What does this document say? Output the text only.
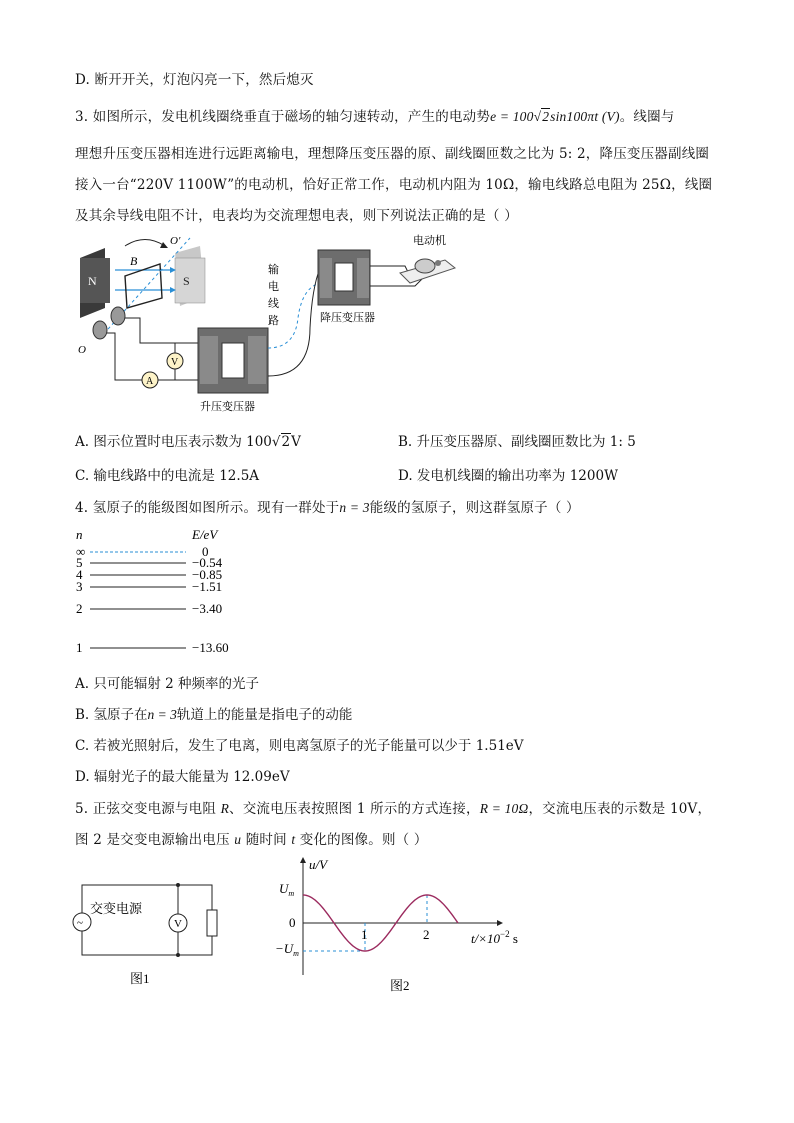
D. 断开开关，灯泡闪亮一下，然后熄灭
3. 如图所示，发电机线圈绕垂直于磁场的轴匀速转动，产生的电动势e = 100√2sin100πt (V)。线圈与
理想升压变压器相连进行远距离输电，理想降压变压器的原、副线圈匝数之比为 5: 2，降压变压器副线圈
接入一台“220V 1100W”的电动机，恰好正常工作，电动机内阻为 10Ω，输电线路总电阻为 25Ω，线圈
及其余导线电阻不计，电表均为交流理想电表，则下列说法正确的是（ ）
N	S
B
O′
O
V
A
升压变压器
输
电
线
路	降压变压器
电动机
A. 图示位置时电压表示数为 100√2V	B. 升压变压器原、副线圈匝数比为 1: 5
C. 输电线路中的电流是 12.5A	D. 发电机线圈的输出功率为 1200W
4. 氢原子的能级图如图所示。现有一群处于n = 3能级的氢原子，则这群氢原子（ ）
n	E/eV
∞	0
5	−0.54
4	−0.85
3	−1.51
2	−3.40
1	−13.60
A. 只可能辐射 2 种频率的光子
B. 氢原子在n = 3轨道上的能量是指电子的动能
C. 若被光照射后，发生了电离，则电离氢原子的光子能量可以少于 1.51eV
D. 辐射光子的最大能量为 12.09eV
5. 正弦交变电源与电阻 R、交流电压表按照图 1 所示的方式连接，R = 10Ω，交流电压表的示数是 10V，
图 2 是交变电源输出电压 u 随时间 t 变化的图像。则（ ）
~
交变电源
V
图1
u/V
$U_m$
0
$-U_m$
1	2	$t/\times 10^{-2}$ s
图2
